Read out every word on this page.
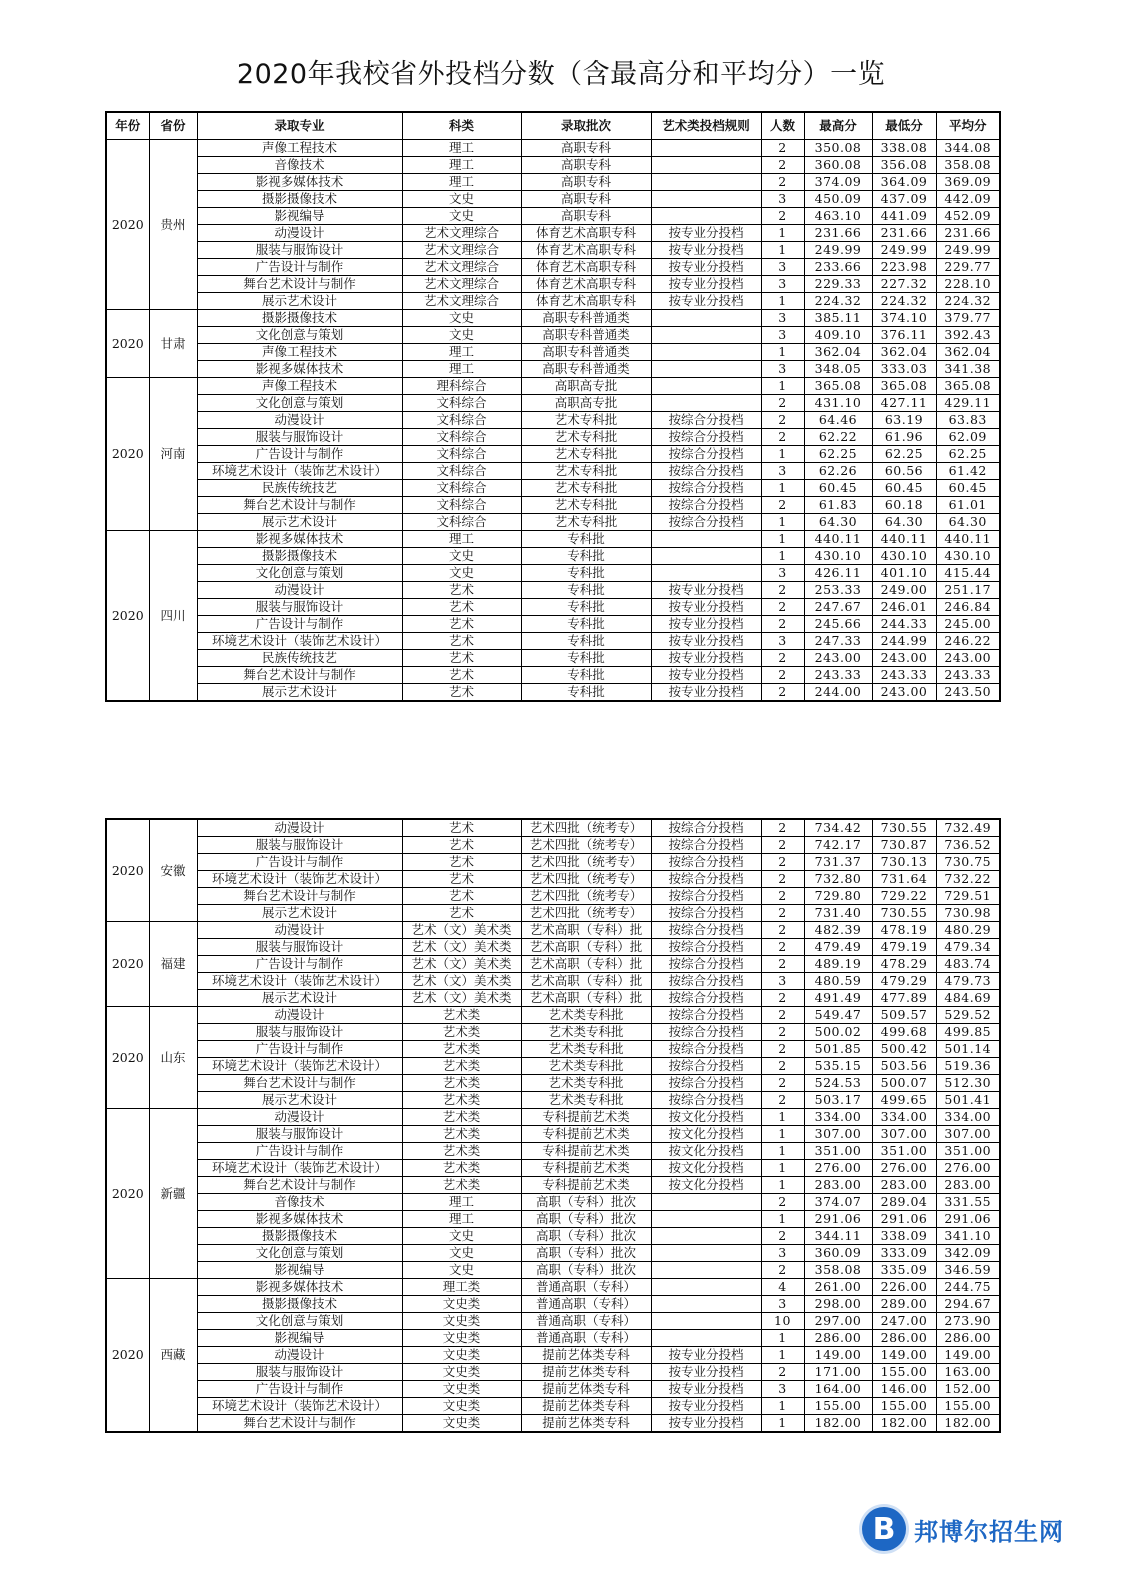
2020年我校省外投档分数（含最高分和平均分）一览
年份	省份	录取专业	科类	录取批次	艺术类投档规则	人数	最高分	最低分	平均分
2020	贵州	声像工程技术	理工	高职专科		2	350.08	338.08	344.08
		音像技术	理工	高职专科		2	360.08	356.08	358.08
		影视多媒体技术	理工	高职专科		2	374.09	364.09	369.09
		摄影摄像技术	文史	高职专科		3	450.09	437.09	442.09
		影视编导	文史	高职专科		2	463.10	441.09	452.09
		动漫设计	艺术文理综合	体育艺术高职专科	按专业分投档	1	231.66	231.66	231.66
		服装与服饰设计	艺术文理综合	体育艺术高职专科	按专业分投档	1	249.99	249.99	249.99
		广告设计与制作	艺术文理综合	体育艺术高职专科	按专业分投档	3	233.66	223.98	229.77
		舞台艺术设计与制作	艺术文理综合	体育艺术高职专科	按专业分投档	3	229.33	227.32	228.10
		展示艺术设计	艺术文理综合	体育艺术高职专科	按专业分投档	1	224.32	224.32	224.32
2020	甘肃	摄影摄像技术	文史	高职专科普通类		3	385.11	374.10	379.77
		文化创意与策划	文史	高职专科普通类		3	409.10	376.11	392.43
		声像工程技术	理工	高职专科普通类		1	362.04	362.04	362.04
		影视多媒体技术	理工	高职专科普通类		3	348.05	333.03	341.38
2020	河南	声像工程技术	理科综合	高职高专批		1	365.08	365.08	365.08
		文化创意与策划	文科综合	高职高专批		2	431.10	427.11	429.11
		动漫设计	文科综合	艺术专科批	按综合分投档	2	64.46	63.19	63.83
		服装与服饰设计	文科综合	艺术专科批	按综合分投档	2	62.22	61.96	62.09
		广告设计与制作	文科综合	艺术专科批	按综合分投档	1	62.25	62.25	62.25
		环境艺术设计（装饰艺术设计）	文科综合	艺术专科批	按综合分投档	3	62.26	60.56	61.42
		民族传统技艺	文科综合	艺术专科批	按综合分投档	1	60.45	60.45	60.45
		舞台艺术设计与制作	文科综合	艺术专科批	按综合分投档	2	61.83	60.18	61.01
		展示艺术设计	文科综合	艺术专科批	按综合分投档	1	64.30	64.30	64.30
2020	四川	影视多媒体技术	理工	专科批		1	440.11	440.11	440.11
		摄影摄像技术	文史	专科批		1	430.10	430.10	430.10
		文化创意与策划	文史	专科批		3	426.11	401.10	415.44
		动漫设计	艺术	专科批	按专业分投档	2	253.33	249.00	251.17
		服装与服饰设计	艺术	专科批	按专业分投档	2	247.67	246.01	246.84
		广告设计与制作	艺术	专科批	按专业分投档	2	245.66	244.33	245.00
		环境艺术设计（装饰艺术设计）	艺术	专科批	按专业分投档	3	247.33	244.99	246.22
		民族传统技艺	艺术	专科批	按专业分投档	2	243.00	243.00	243.00
		舞台艺术设计与制作	艺术	专科批	按专业分投档	2	243.33	243.33	243.33
		展示艺术设计	艺术	专科批	按专业分投档	2	244.00	243.00	243.50
2020	安徽	动漫设计	艺术	艺术四批（统考专）	按综合分投档	2	734.42	730.55	732.49
		服装与服饰设计	艺术	艺术四批（统考专）	按综合分投档	2	742.17	730.87	736.52
		广告设计与制作	艺术	艺术四批（统考专）	按综合分投档	2	731.37	730.13	730.75
		环境艺术设计（装饰艺术设计）	艺术	艺术四批（统考专）	按综合分投档	2	732.80	731.64	732.22
		舞台艺术设计与制作	艺术	艺术四批（统考专）	按综合分投档	2	729.80	729.22	729.51
		展示艺术设计	艺术	艺术四批（统考专）	按综合分投档	2	731.40	730.55	730.98
2020	福建	动漫设计	艺术（文）美术类	艺术高职（专科）批	按综合分投档	2	482.39	478.19	480.29
		服装与服饰设计	艺术（文）美术类	艺术高职（专科）批	按综合分投档	2	479.49	479.19	479.34
		广告设计与制作	艺术（文）美术类	艺术高职（专科）批	按综合分投档	2	489.19	478.29	483.74
		环境艺术设计（装饰艺术设计）	艺术（文）美术类	艺术高职（专科）批	按综合分投档	3	480.59	479.29	479.73
		展示艺术设计	艺术（文）美术类	艺术高职（专科）批	按综合分投档	2	491.49	477.89	484.69
2020	山东	动漫设计	艺术类	艺术类专科批	按综合分投档	2	549.47	509.57	529.52
		服装与服饰设计	艺术类	艺术类专科批	按综合分投档	2	500.02	499.68	499.85
		广告设计与制作	艺术类	艺术类专科批	按综合分投档	2	501.85	500.42	501.14
		环境艺术设计（装饰艺术设计）	艺术类	艺术类专科批	按综合分投档	2	535.15	503.56	519.36
		舞台艺术设计与制作	艺术类	艺术类专科批	按综合分投档	2	524.53	500.07	512.30
		展示艺术设计	艺术类	艺术类专科批	按综合分投档	2	503.17	499.65	501.41
2020	新疆	动漫设计	艺术类	专科提前艺术类	按文化分投档	1	334.00	334.00	334.00
		服装与服饰设计	艺术类	专科提前艺术类	按文化分投档	1	307.00	307.00	307.00
		广告设计与制作	艺术类	专科提前艺术类	按文化分投档	1	351.00	351.00	351.00
		环境艺术设计（装饰艺术设计）	艺术类	专科提前艺术类	按文化分投档	1	276.00	276.00	276.00
		舞台艺术设计与制作	艺术类	专科提前艺术类	按文化分投档	1	283.00	283.00	283.00
		音像技术	理工	高职（专科）批次		2	374.07	289.04	331.55
		影视多媒体技术	理工	高职（专科）批次		1	291.06	291.06	291.06
		摄影摄像技术	文史	高职（专科）批次		2	344.11	338.09	341.10
		文化创意与策划	文史	高职（专科）批次		3	360.09	333.09	342.09
		影视编导	文史	高职（专科）批次		2	358.08	335.09	346.59
2020	西藏	影视多媒体技术	理工类	普通高职（专科）		4	261.00	226.00	244.75
		摄影摄像技术	文史类	普通高职（专科）		3	298.00	289.00	294.67
		文化创意与策划	文史类	普通高职（专科）		10	297.00	247.00	273.90
		影视编导	文史类	普通高职（专科）		1	286.00	286.00	286.00
		动漫设计	文史类	提前艺体类专科	按专业分投档	1	149.00	149.00	149.00
		服装与服饰设计	文史类	提前艺体类专科	按专业分投档	2	171.00	155.00	163.00
		广告设计与制作	文史类	提前艺体类专科	按专业分投档	3	164.00	146.00	152.00
		环境艺术设计（装饰艺术设计）	文史类	提前艺体类专科	按专业分投档	1	155.00	155.00	155.00
		舞台艺术设计与制作	文史类	提前艺体类专科	按专业分投档	1	182.00	182.00	182.00
B 邦博尔招生网
